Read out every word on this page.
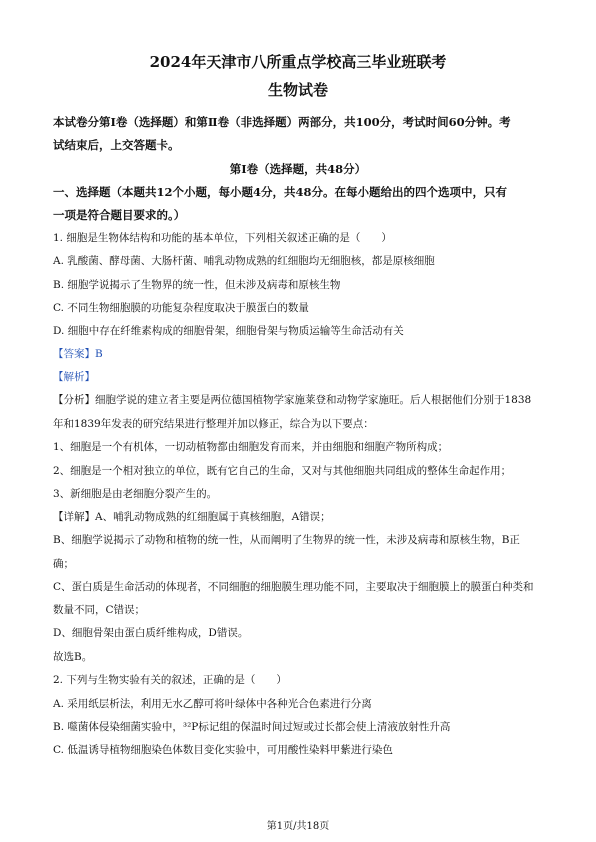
2024年天津市八所重点学校高三毕业班联考
生物试卷
本试卷分第Ⅰ卷（选择题）和第Ⅱ卷（非选择题）两部分，共100分，考试时间60分钟。考
试结束后，上交答题卡。
第Ⅰ卷（选择题，共48分）
一、选择题（本题共12个小题，每小题4分，共48分。在每小题给出的四个选项中，只有
一项是符合题目要求的。）
1. 细胞是生物体结构和功能的基本单位，下列相关叙述正确的是（　　）
A. 乳酸菌、酵母菌、大肠杆菌、哺乳动物成熟的红细胞均无细胞核，都是原核细胞
B. 细胞学说揭示了生物界的统一性，但未涉及病毒和原核生物
C. 不同生物细胞膜的功能复杂程度取决于膜蛋白的数量
D. 细胞中存在纤维素构成的细胞骨架，细胞骨架与物质运输等生命活动有关
【答案】B
【解析】
【分析】细胞学说的建立者主要是两位德国植物学家施莱登和动物学家施旺。后人根据他们分别于1838
年和1839年发表的研究结果进行整理并加以修正，综合为以下要点：
1、细胞是一个有机体，一切动植物都由细胞发育而来，并由细胞和细胞产物所构成；
2、细胞是一个相对独立的单位，既有它自己的生命，又对与其他细胞共同组成的整体生命起作用；
3、新细胞是由老细胞分裂产生的。
【详解】A、哺乳动物成熟的红细胞属于真核细胞，A错误；
B、细胞学说揭示了动物和植物的统一性，从而阐明了生物界的统一性，未涉及病毒和原核生物，B正
确；
C、蛋白质是生命活动的体现者，不同细胞的细胞膜生理功能不同，主要取决于细胞膜上的膜蛋白种类和
数量不同，C错误；
D、细胞骨架由蛋白质纤维构成，D错误。
故选B。
2. 下列与生物实验有关的叙述，正确的是（　　）
A. 采用纸层析法，利用无水乙醇可将叶绿体中各种光合色素进行分离
B. 噬菌体侵染细菌实验中，³²P标记组的保温时间过短或过长都会使上清液放射性升高
C. 低温诱导植物细胞染色体数目变化实验中，可用酸性染料甲紫进行染色
第1页/共18页
